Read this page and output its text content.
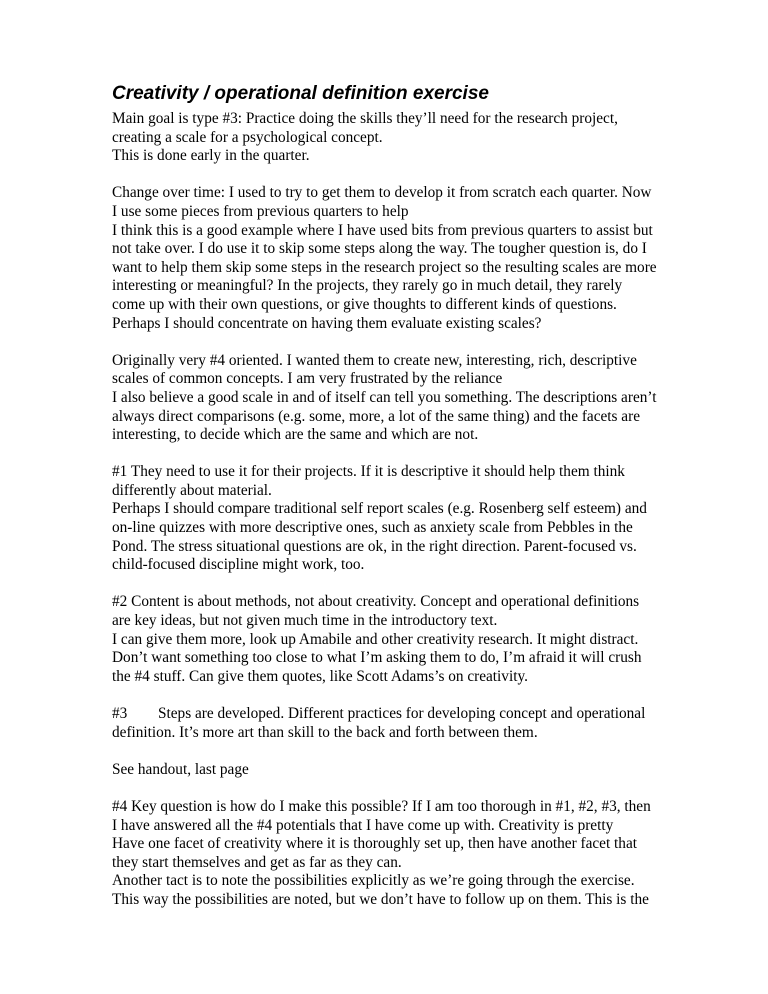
Creativity / operational definition exercise

Main goal is type #3: Practice doing the skills they’ll need for the research project,
creating a scale for a psychological concept.
This is done early in the quarter.

Change over time: I used to try to get them to develop it from scratch each quarter. Now
I use some pieces from previous quarters to help
I think this is a good example where I have used bits from previous quarters to assist but
not take over. I do use it to skip some steps along the way. The tougher question is, do I
want to help them skip some steps in the research project so the resulting scales are more
interesting or meaningful? In the projects, they rarely go in much detail, they rarely
come up with their own questions, or give thoughts to different kinds of questions.
Perhaps I should concentrate on having them evaluate existing scales?

Originally very #4 oriented. I wanted them to create new, interesting, rich, descriptive
scales of common concepts. I am very frustrated by the reliance
I also believe a good scale in and of itself can tell you something. The descriptions aren’t
always direct comparisons (e.g. some, more, a lot of the same thing) and the facets are
interesting, to decide which are the same and which are not.

#1 They need to use it for their projects. If it is descriptive it should help them think
differently about material.
Perhaps I should compare traditional self report scales (e.g. Rosenberg self esteem) and
on-line quizzes with more descriptive ones, such as anxiety scale from Pebbles in the
Pond. The stress situational questions are ok, in the right direction. Parent-focused vs.
child-focused discipline might work, too.

#2 Content is about methods, not about creativity. Concept and operational definitions
are key ideas, but not given much time in the introductory text.
I can give them more, look up Amabile and other creativity research. It might distract.
Don’t want something too close to what I’m asking them to do, I’m afraid it will crush
the #4 stuff. Can give them quotes, like Scott Adams’s on creativity.

#3 Steps are developed. Different practices for developing concept and operational
definition. It’s more art than skill to the back and forth between them.

See handout, last page

#4 Key question is how do I make this possible? If I am too thorough in #1, #2, #3, then
I have answered all the #4 potentials that I have come up with. Creativity is pretty
Have one facet of creativity where it is thoroughly set up, then have another facet that
they start themselves and get as far as they can.
Another tact is to note the possibilities explicitly as we’re going through the exercise.
This way the possibilities are noted, but we don’t have to follow up on them. This is the
